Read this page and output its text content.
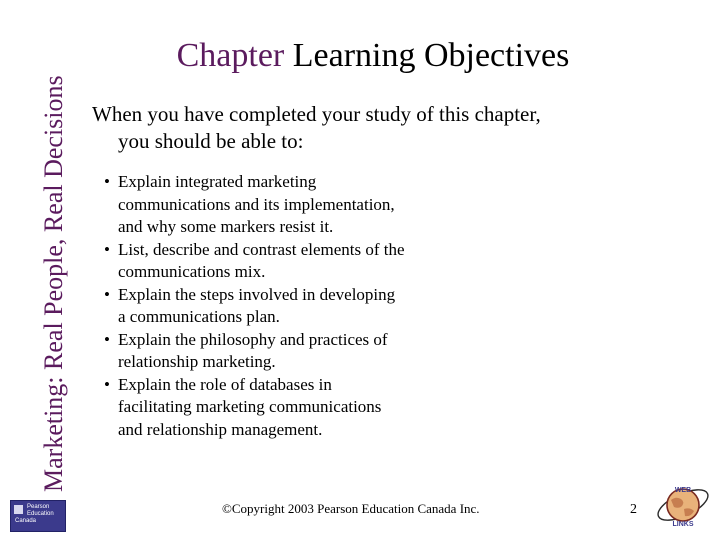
Marketing: Real People, Real Decisions
Chapter Learning Objectives
When you have completed your study of this chapter,
you should be able to:
• Explain integrated marketing
communications and its implementation,
and why some markers resist it.
• List, describe and contrast elements of the
communications mix.
• Explain the steps involved in developing
a communications plan.
• Explain the philosophy and practices of
relationship marketing.
• Explain the role of databases in
facilitating marketing communications
and relationship management.
Pearson
Education
Canada
©Copyright 2003 Pearson Education Canada Inc.	2
WEB
LINKS
